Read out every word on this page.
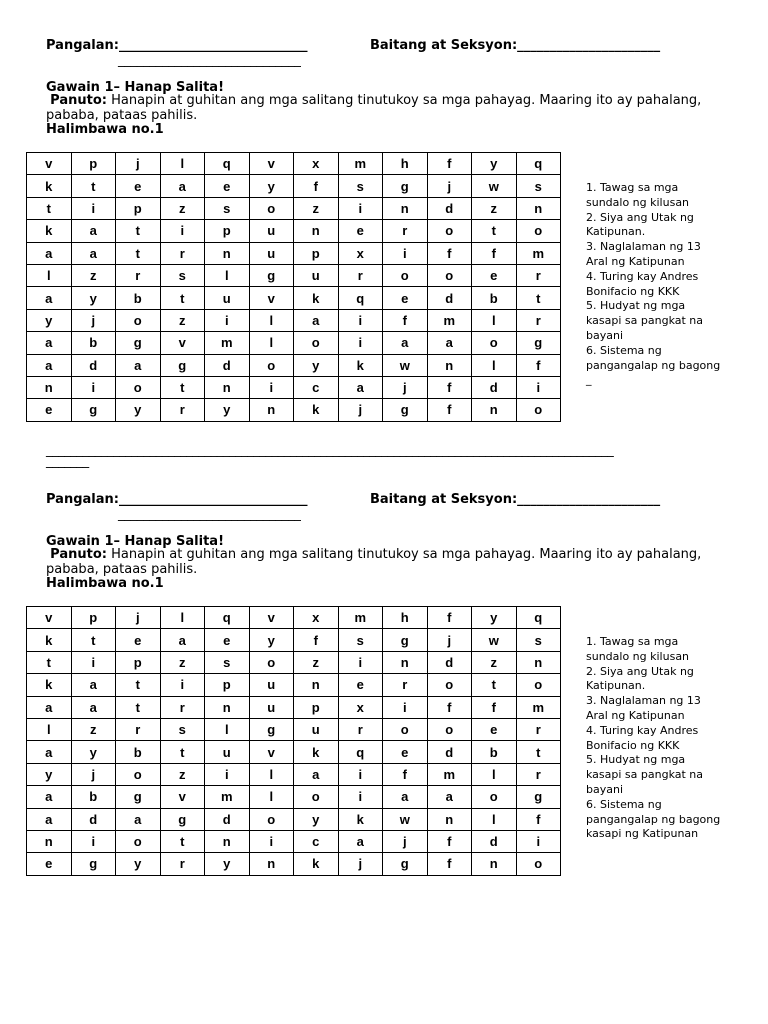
Pangalan:_____________________________	Baitang at Seksyon:______________________
_____________________________
Gawain 1– Hanap Salita!
Panuto: Hanapin at guhitan ang mga salitang tinutukoy sa mga pahayag. Maaring ito ay pahalang, pababa, pataas pahilis.
Halimbawa no.1
v	p	j	l	q	v	x	m	h	f	y	q
k	t	e	a	e	y	f	s	g	j	w	s
t	i	p	z	s	o	z	i	n	d	z	n
k	a	t	i	p	u	n	e	r	o	t	o
a	a	t	r	n	u	p	x	i	f	f	m
l	z	r	s	l	g	u	r	o	o	e	r
a	y	b	t	u	v	k	q	e	d	b	t
y	j	o	z	i	l	a	i	f	m	l	r
a	b	g	v	m	l	o	i	a	a	o	g
a	d	a	g	d	o	y	k	w	n	l	f
n	i	o	t	n	i	c	a	j	f	d	i
e	g	y	r	y	n	k	j	g	f	n	o
1. Tawag sa mga
sundalo ng kilusan
2. Siya ang Utak ng
Katipunan.
3. Naglalaman ng 13
Aral ng Katipunan
4. Turing kay Andres
Bonifacio ng KKK
5. Hudyat ng mga
kasapi sa pangkat na
bayani
6. Sistema ng
pangangalap ng bagong
_
_____________________________________________________________________________________________
_______
Pangalan:_____________________________	Baitang at Seksyon:______________________
_____________________________
Gawain 1– Hanap Salita!
Panuto: Hanapin at guhitan ang mga salitang tinutukoy sa mga pahayag. Maaring ito ay pahalang, pababa, pataas pahilis.
Halimbawa no.1
v	p	j	l	q	v	x	m	h	f	y	q
k	t	e	a	e	y	f	s	g	j	w	s
t	i	p	z	s	o	z	i	n	d	z	n
k	a	t	i	p	u	n	e	r	o	t	o
a	a	t	r	n	u	p	x	i	f	f	m
l	z	r	s	l	g	u	r	o	o	e	r
a	y	b	t	u	v	k	q	e	d	b	t
y	j	o	z	i	l	a	i	f	m	l	r
a	b	g	v	m	l	o	i	a	a	o	g
a	d	a	g	d	o	y	k	w	n	l	f
n	i	o	t	n	i	c	a	j	f	d	i
e	g	y	r	y	n	k	j	g	f	n	o
1. Tawag sa mga
sundalo ng kilusan
2. Siya ang Utak ng
Katipunan.
3. Naglalaman ng 13
Aral ng Katipunan
4. Turing kay Andres
Bonifacio ng KKK
5. Hudyat ng mga
kasapi sa pangkat na
bayani
6. Sistema ng
pangangalap ng bagong
kasapi ng Katipunan
